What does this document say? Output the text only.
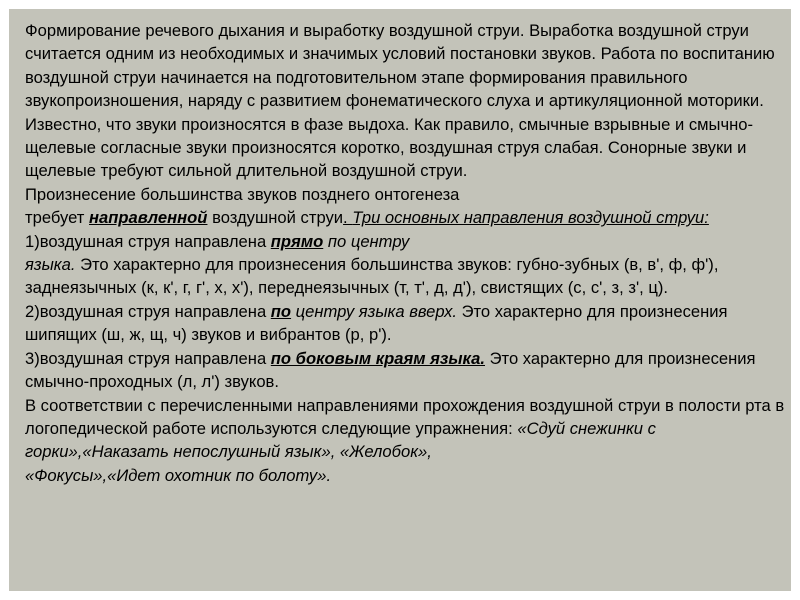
Формирование речевого дыхания и выработку воздушной струи. Выработка воздушной струи считается одним из необходимых и значимых условий постановки звуков. Работа по воспитанию воздушной струи начинается на подготовительном этапе формирования правильного звукопроизношения, наряду с развитием фонематического слуха и артикуляционной моторики. Известно, что звуки произносятся в фазе выдоха. Как правило, смычные взрывные и смычно-щелевые согласные звуки произносятся коротко, воздушная струя слабая. Сонорные звуки и щелевые требуют сильной длительной воздушной струи.

Произнесение большинства звуков позднего онтогенеза
требует направленной воздушной струи. Три основных направления воздушной струи: 1)воздушная струя направлена прямо по центру
языка. Это характерно для произнесения большинства звуков: губно-зубных (в, в', ф, ф'), заднеязычных (к, к', г, г', х, х'), переднеязычных (т, т', д, д'), свистящих (с, с', з, з', ц).

2)воздушная струя направлена по центру языка вверх. Это характерно для произнесения шипящих (ш, ж, щ, ч) звуков и вибрантов (р, р').

3)воздушная струя направлена по боковым краям языка. Это характерно для произнесения смычно-проходных (л, л') звуков.

В соответствии с перечисленными направлениями прохождения воздушной струи в полости рта в логопедической работе используются следующие упражнения: «Сдуй снежинки с горки»,«Наказать непослушный язык», «Желобок»,
«Фокусы»,«Идет охотник по болоту».
